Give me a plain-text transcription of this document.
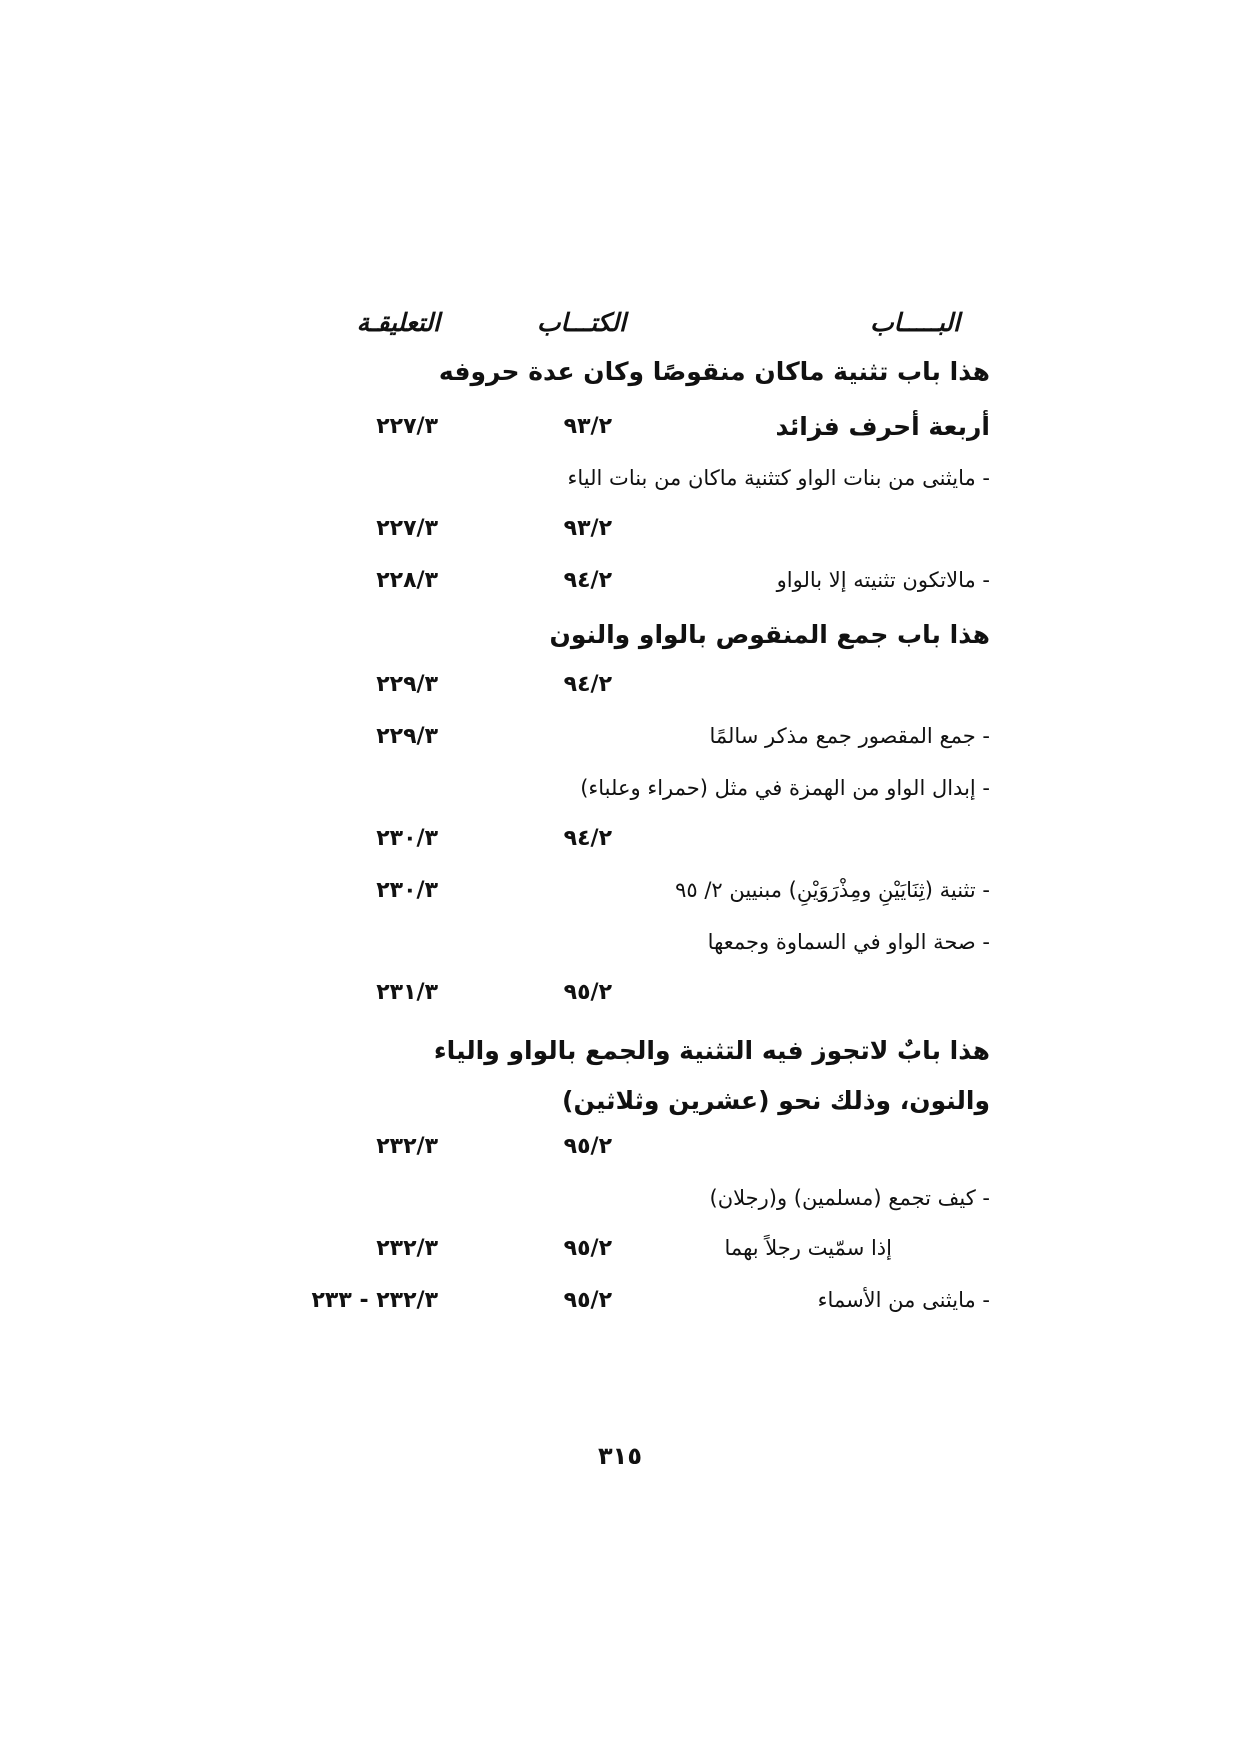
البـــــاب
الكتـــاب
التعليقـة
هذا باب تثنية ماكان منقوصًا وكان عدة حروفه
أربعة أحرف فزائد
٩٣/٢
٢٢٧/٣
- مايثنى من بنات الواو كتثنية ماكان من بنات الياء
٩٣/٢
٢٢٧/٣
- مالاتكون تثنيته إلا بالواو
٩٤/٢
٢٢٨/٣
هذا باب جمع المنقوص بالواو والنون
٩٤/٢
٢٢٩/٣
- جمع المقصور جمع مذكر سالمًا
٢٢٩/٣
- إبدال الواو من الهمزة في مثل (حمراء وعلباء)
٩٤/٢
٢٣٠/٣
- تثنية (ثِنَايَيْنِ ومِذْرَوَيْنِ) مبنيين ٢/ ٩٥
٢٣٠/٣
- صحة الواو في السماوة وجمعها
٩٥/٢
٢٣١/٣
هذا بابٌ لاتجوز فيه التثنية والجمع بالواو والياء
والنون، وذلك نحو (عشرين وثلاثين)
٩٥/٢
٢٣٢/٣
- كيف تجمع (مسلمين) و(رجلان)
إذا سمّيت رجلاً بهما
٩٥/٢
٢٣٢/٣
- مايثنى من الأسماء
٩٥/٢
٢٣٢/٣ - ٢٣٣
٣١٥
